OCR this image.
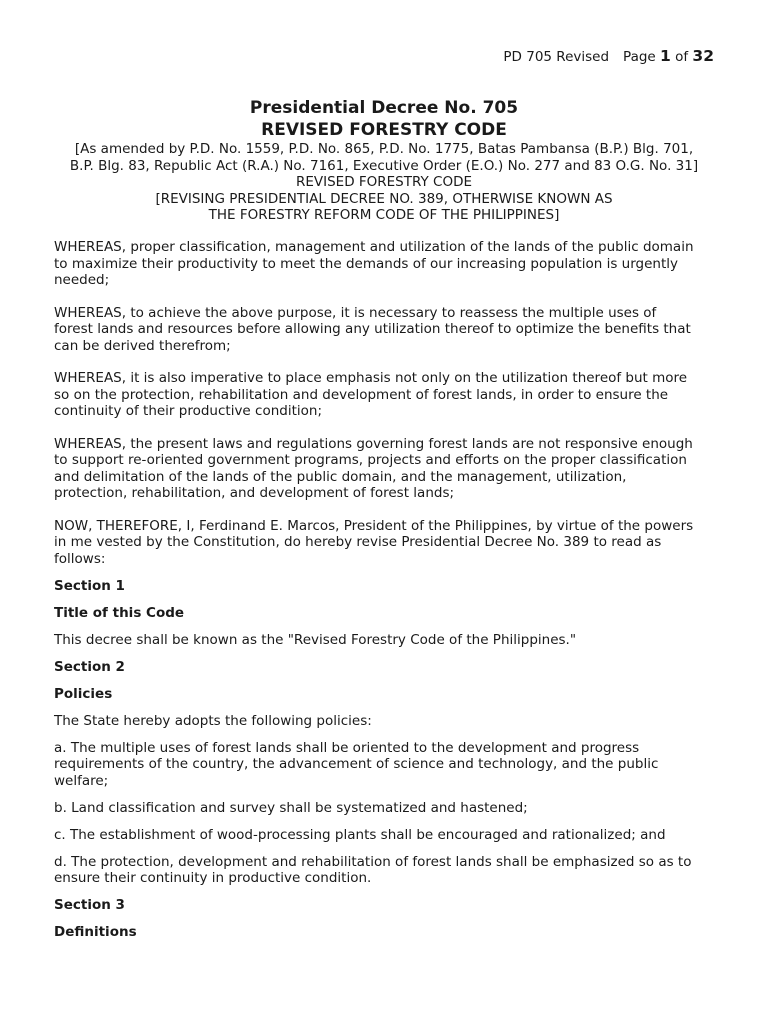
PD 705 Revised Page 1 of 32
Presidential Decree No. 705
REVISED FORESTRY CODE
[As amended by P.D. No. 1559, P.D. No. 865, P.D. No. 1775, Batas Pambansa (B.P.) Blg. 701,
B.P. Blg. 83, Republic Act (R.A.) No. 7161, Executive Order (E.O.) No. 277 and 83 O.G. No. 31]
REVISED FORESTRY CODE
[REVISING PRESIDENTIAL DECREE NO. 389, OTHERWISE KNOWN AS
THE FORESTRY REFORM CODE OF THE PHILIPPINES]

WHEREAS, proper classification, management and utilization of the lands of the public domain
to maximize their productivity to meet the demands of our increasing population is urgently
needed;

WHEREAS, to achieve the above purpose, it is necessary to reassess the multiple uses of
forest lands and resources before allowing any utilization thereof to optimize the benefits that
can be derived therefrom;

WHEREAS, it is also imperative to place emphasis not only on the utilization thereof but more
so on the protection, rehabilitation and development of forest lands, in order to ensure the
continuity of their productive condition;

WHEREAS, the present laws and regulations governing forest lands are not responsive enough
to support re-oriented government programs, projects and efforts on the proper classification
and delimitation of the lands of the public domain, and the management, utilization,
protection, rehabilitation, and development of forest lands;

NOW, THEREFORE, I, Ferdinand E. Marcos, President of the Philippines, by virtue of the powers
in me vested by the Constitution, do hereby revise Presidential Decree No. 389 to read as
follows:

Section 1

Title of this Code

This decree shall be known as the "Revised Forestry Code of the Philippines."

Section 2

Policies

The State hereby adopts the following policies:

a. The multiple uses of forest lands shall be oriented to the development and progress
requirements of the country, the advancement of science and technology, and the public
welfare;

b. Land classification and survey shall be systematized and hastened;

c. The establishment of wood-processing plants shall be encouraged and rationalized; and

d. The protection, development and rehabilitation of forest lands shall be emphasized so as to
ensure their continuity in productive condition.

Section 3

Definitions
